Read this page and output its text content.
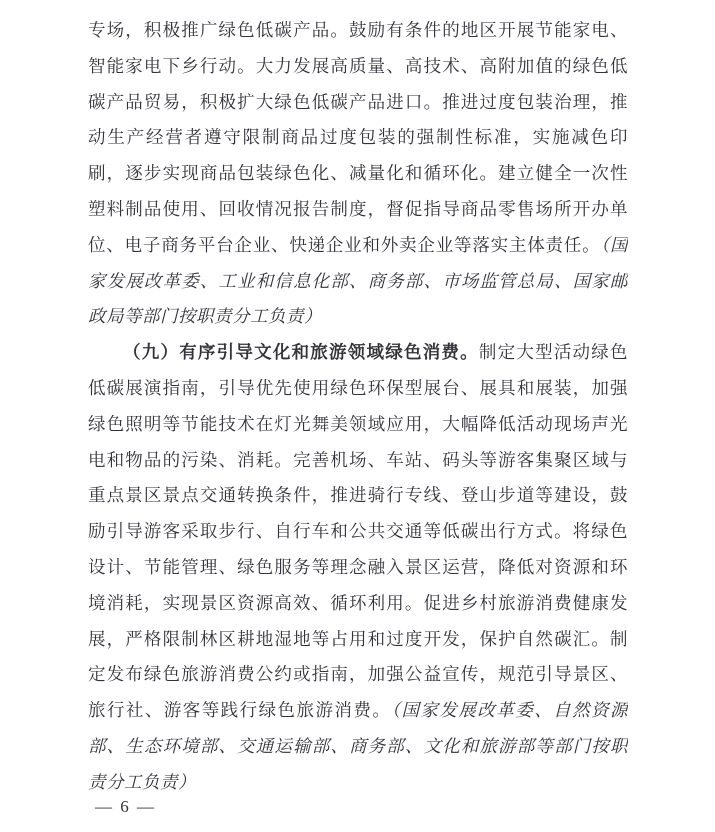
专场，积极推广绿色低碳产品。鼓励有条件的地区开展节能家电、
智能家电下乡行动。大力发展高质量、高技术、高附加值的绿色低
碳产品贸易，积极扩大绿色低碳产品进口。推进过度包装治理，推
动生产经营者遵守限制商品过度包装的强制性标准，实施减色印
刷，逐步实现商品包装绿色化、减量化和循环化。建立健全一次性
塑料制品使用、回收情况报告制度，督促指导商品零售场所开办单
位、电子商务平台企业、快递企业和外卖企业等落实主体责任。（国
家发展改革委、工业和信息化部、商务部、市场监管总局、国家邮
政局等部门按职责分工负责）
（九）有序引导文化和旅游领域绿色消费。制定大型活动绿色
低碳展演指南，引导优先使用绿色环保型展台、展具和展装，加强
绿色照明等节能技术在灯光舞美领域应用，大幅降低活动现场声光
电和物品的污染、消耗。完善机场、车站、码头等游客集聚区域与
重点景区景点交通转换条件，推进骑行专线、登山步道等建设，鼓
励引导游客采取步行、自行车和公共交通等低碳出行方式。将绿色
设计、节能管理、绿色服务等理念融入景区运营，降低对资源和环
境消耗，实现景区资源高效、循环利用。促进乡村旅游消费健康发
展，严格限制林区耕地湿地等占用和过度开发，保护自然碳汇。制
定发布绿色旅游消费公约或指南，加强公益宣传，规范引导景区、
旅行社、游客等践行绿色旅游消费。（国家发展改革委、自然资源
部、生态环境部、交通运输部、商务部、文化和旅游部等部门按职
责分工负责）
— 6 —
